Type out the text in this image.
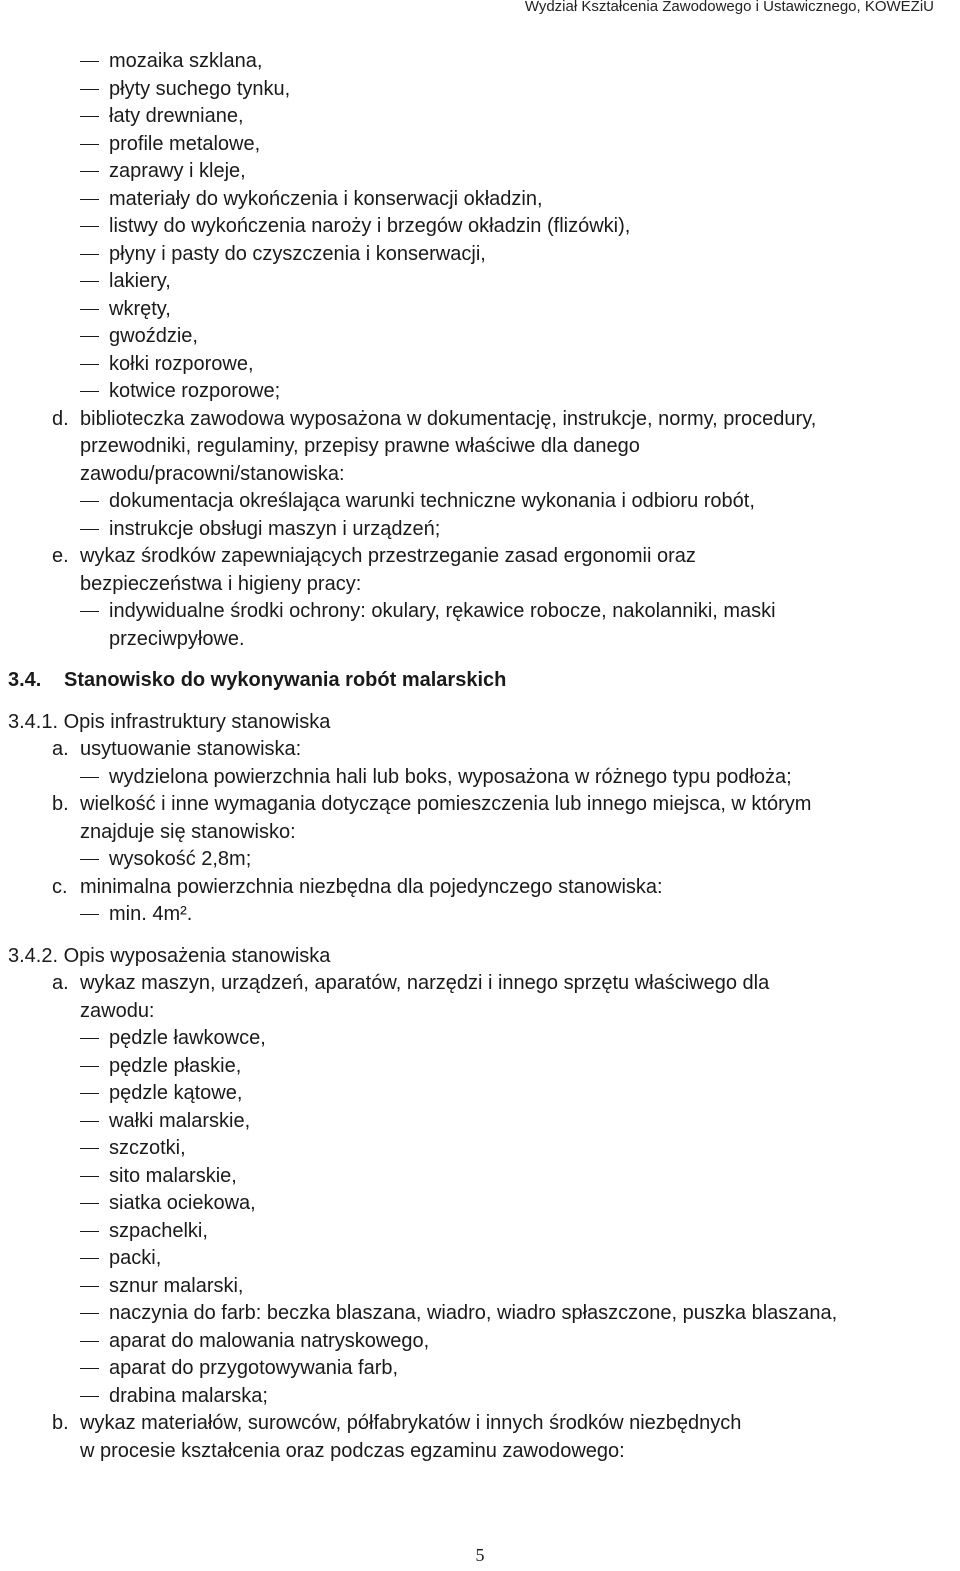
Wydział Kształcenia Zawodowego i Ustawicznego, KOWEZiU
mozaika szklana,
płyty suchego tynku,
łaty drewniane,
profile metalowe,
zaprawy i kleje,
materiały do wykończenia i konserwacji okładzin,
listwy do wykończenia naroży i brzegów okładzin (flizówki),
płyny i pasty do czyszczenia i konserwacji,
lakiery,
wkręty,
gwoździe,
kołki rozporowe,
kotwice rozporowe;
d. biblioteczka zawodowa wyposażona w dokumentację, instrukcje, normy, procedury,
przewodniki, regulaminy, przepisy prawne właściwe dla danego
zawodu/pracowni/stanowiska:
dokumentacja określająca warunki techniczne wykonania i odbioru robót,
instrukcje obsługi maszyn i urządzeń;
e. wykaz środków zapewniających przestrzeganie zasad ergonomii oraz
bezpieczeństwa i higieny pracy:
indywidualne środki ochrony: okulary, rękawice robocze, nakolanniki, maski
przeciwpyłowe.
3.4. Stanowisko do wykonywania robót malarskich
3.4.1. Opis infrastruktury stanowiska
a. usytuowanie stanowiska:
wydzielona powierzchnia hali lub boks, wyposażona w różnego typu podłoża;
b. wielkość i inne wymagania dotyczące pomieszczenia lub innego miejsca, w którym
znajduje się stanowisko:
wysokość 2,8m;
c. minimalna powierzchnia niezbędna dla pojedynczego stanowiska:
min. 4m².
3.4.2. Opis wyposażenia stanowiska
a. wykaz maszyn, urządzeń, aparatów, narzędzi i innego sprzętu właściwego dla
zawodu:
pędzle ławkowce,
pędzle płaskie,
pędzle kątowe,
wałki malarskie,
szczotki,
sito malarskie,
siatka ociekowa,
szpachelki,
packi,
sznur malarski,
naczynia do farb: beczka blaszana, wiadro, wiadro spłaszczone, puszka blaszana,
aparat do malowania natryskowego,
aparat do przygotowywania farb,
drabina malarska;
b. wykaz materiałów, surowców, półfabrykatów i innych środków niezbędnych
w procesie kształcenia oraz podczas egzaminu zawodowego:
5
